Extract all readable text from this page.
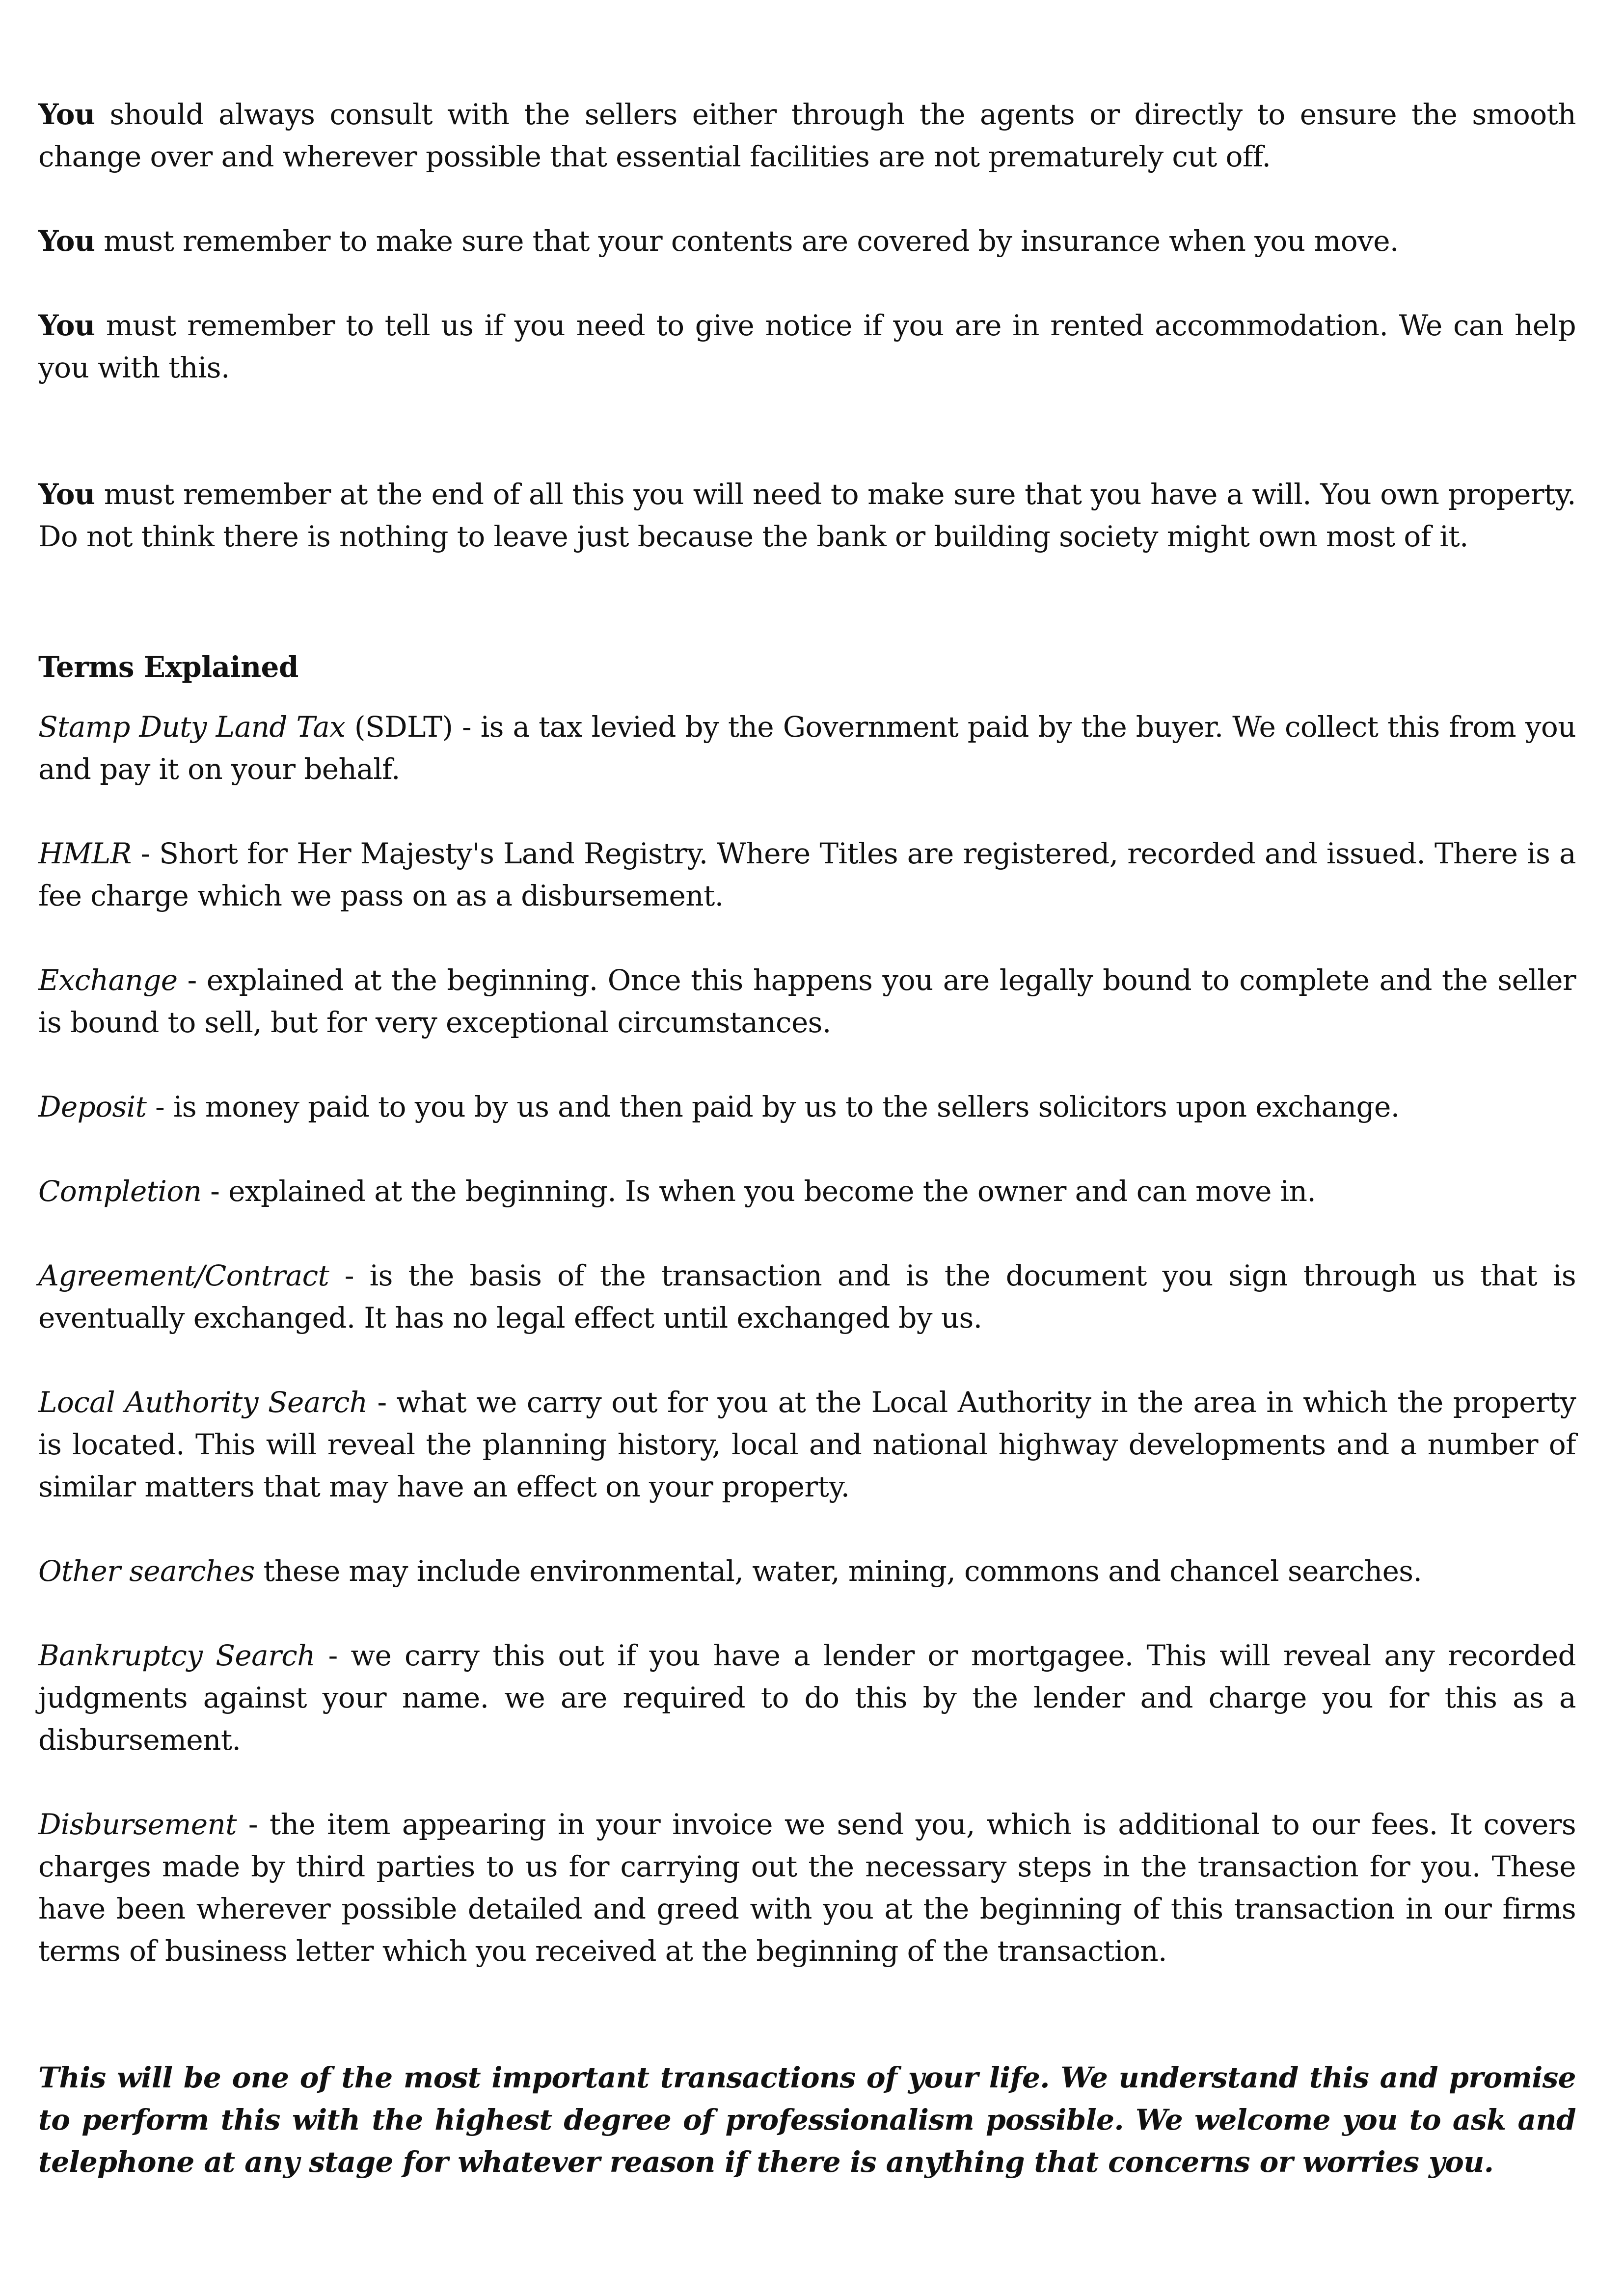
You should always consult with the sellers either through the agents or directly to ensure the smooth change over and wherever possible that essential facilities are not prematurely cut off.

You must remember to make sure that your contents are covered by insurance when you move.

You must remember to tell us if you need to give notice if you are in rented accommodation. We can help you with this.

You must remember at the end of all this you will need to make sure that you have a will. You own property. Do not think there is nothing to leave just because the bank or building society might own most of it.

Terms Explained

Stamp Duty Land Tax (SDLT) - is a tax levied by the Government paid by the buyer. We collect this from you and pay it on your behalf.

HMLR - Short for Her Majesty's Land Registry. Where Titles are registered, recorded and issued. There is a fee charge which we pass on as a disbursement.

Exchange - explained at the beginning. Once this happens you are legally bound to complete and the seller is bound to sell, but for very exceptional circumstances.

Deposit - is money paid to you by us and then paid by us to the sellers solicitors upon exchange.

Completion - explained at the beginning. Is when you become the owner and can move in.

Agreement/Contract - is the basis of the transaction and is the document you sign through us that is eventually exchanged. It has no legal effect until exchanged by us.

Local Authority Search - what we carry out for you at the Local Authority in the area in which the property is located. This will reveal the planning history, local and national highway developments and a number of similar matters that may have an effect on your property.

Other searches these may include environmental, water, mining, commons and chancel searches.

Bankruptcy Search - we carry this out if you have a lender or mortgagee. This will reveal any recorded judgments against your name. we are required to do this by the lender and charge you for this as a disbursement.

Disbursement - the item appearing in your invoice we send you, which is additional to our fees. It covers charges made by third parties to us for carrying out the necessary steps in the transaction for you. These have been wherever possible detailed and greed with you at the beginning of this transaction in our firms terms of business letter which you received at the beginning of the transaction.

This will be one of the most important transactions of your life. We understand this and promise to perform this with the highest degree of professionalism possible. We welcome you to ask and telephone at any stage for whatever reason if there is anything that concerns or worries you.
